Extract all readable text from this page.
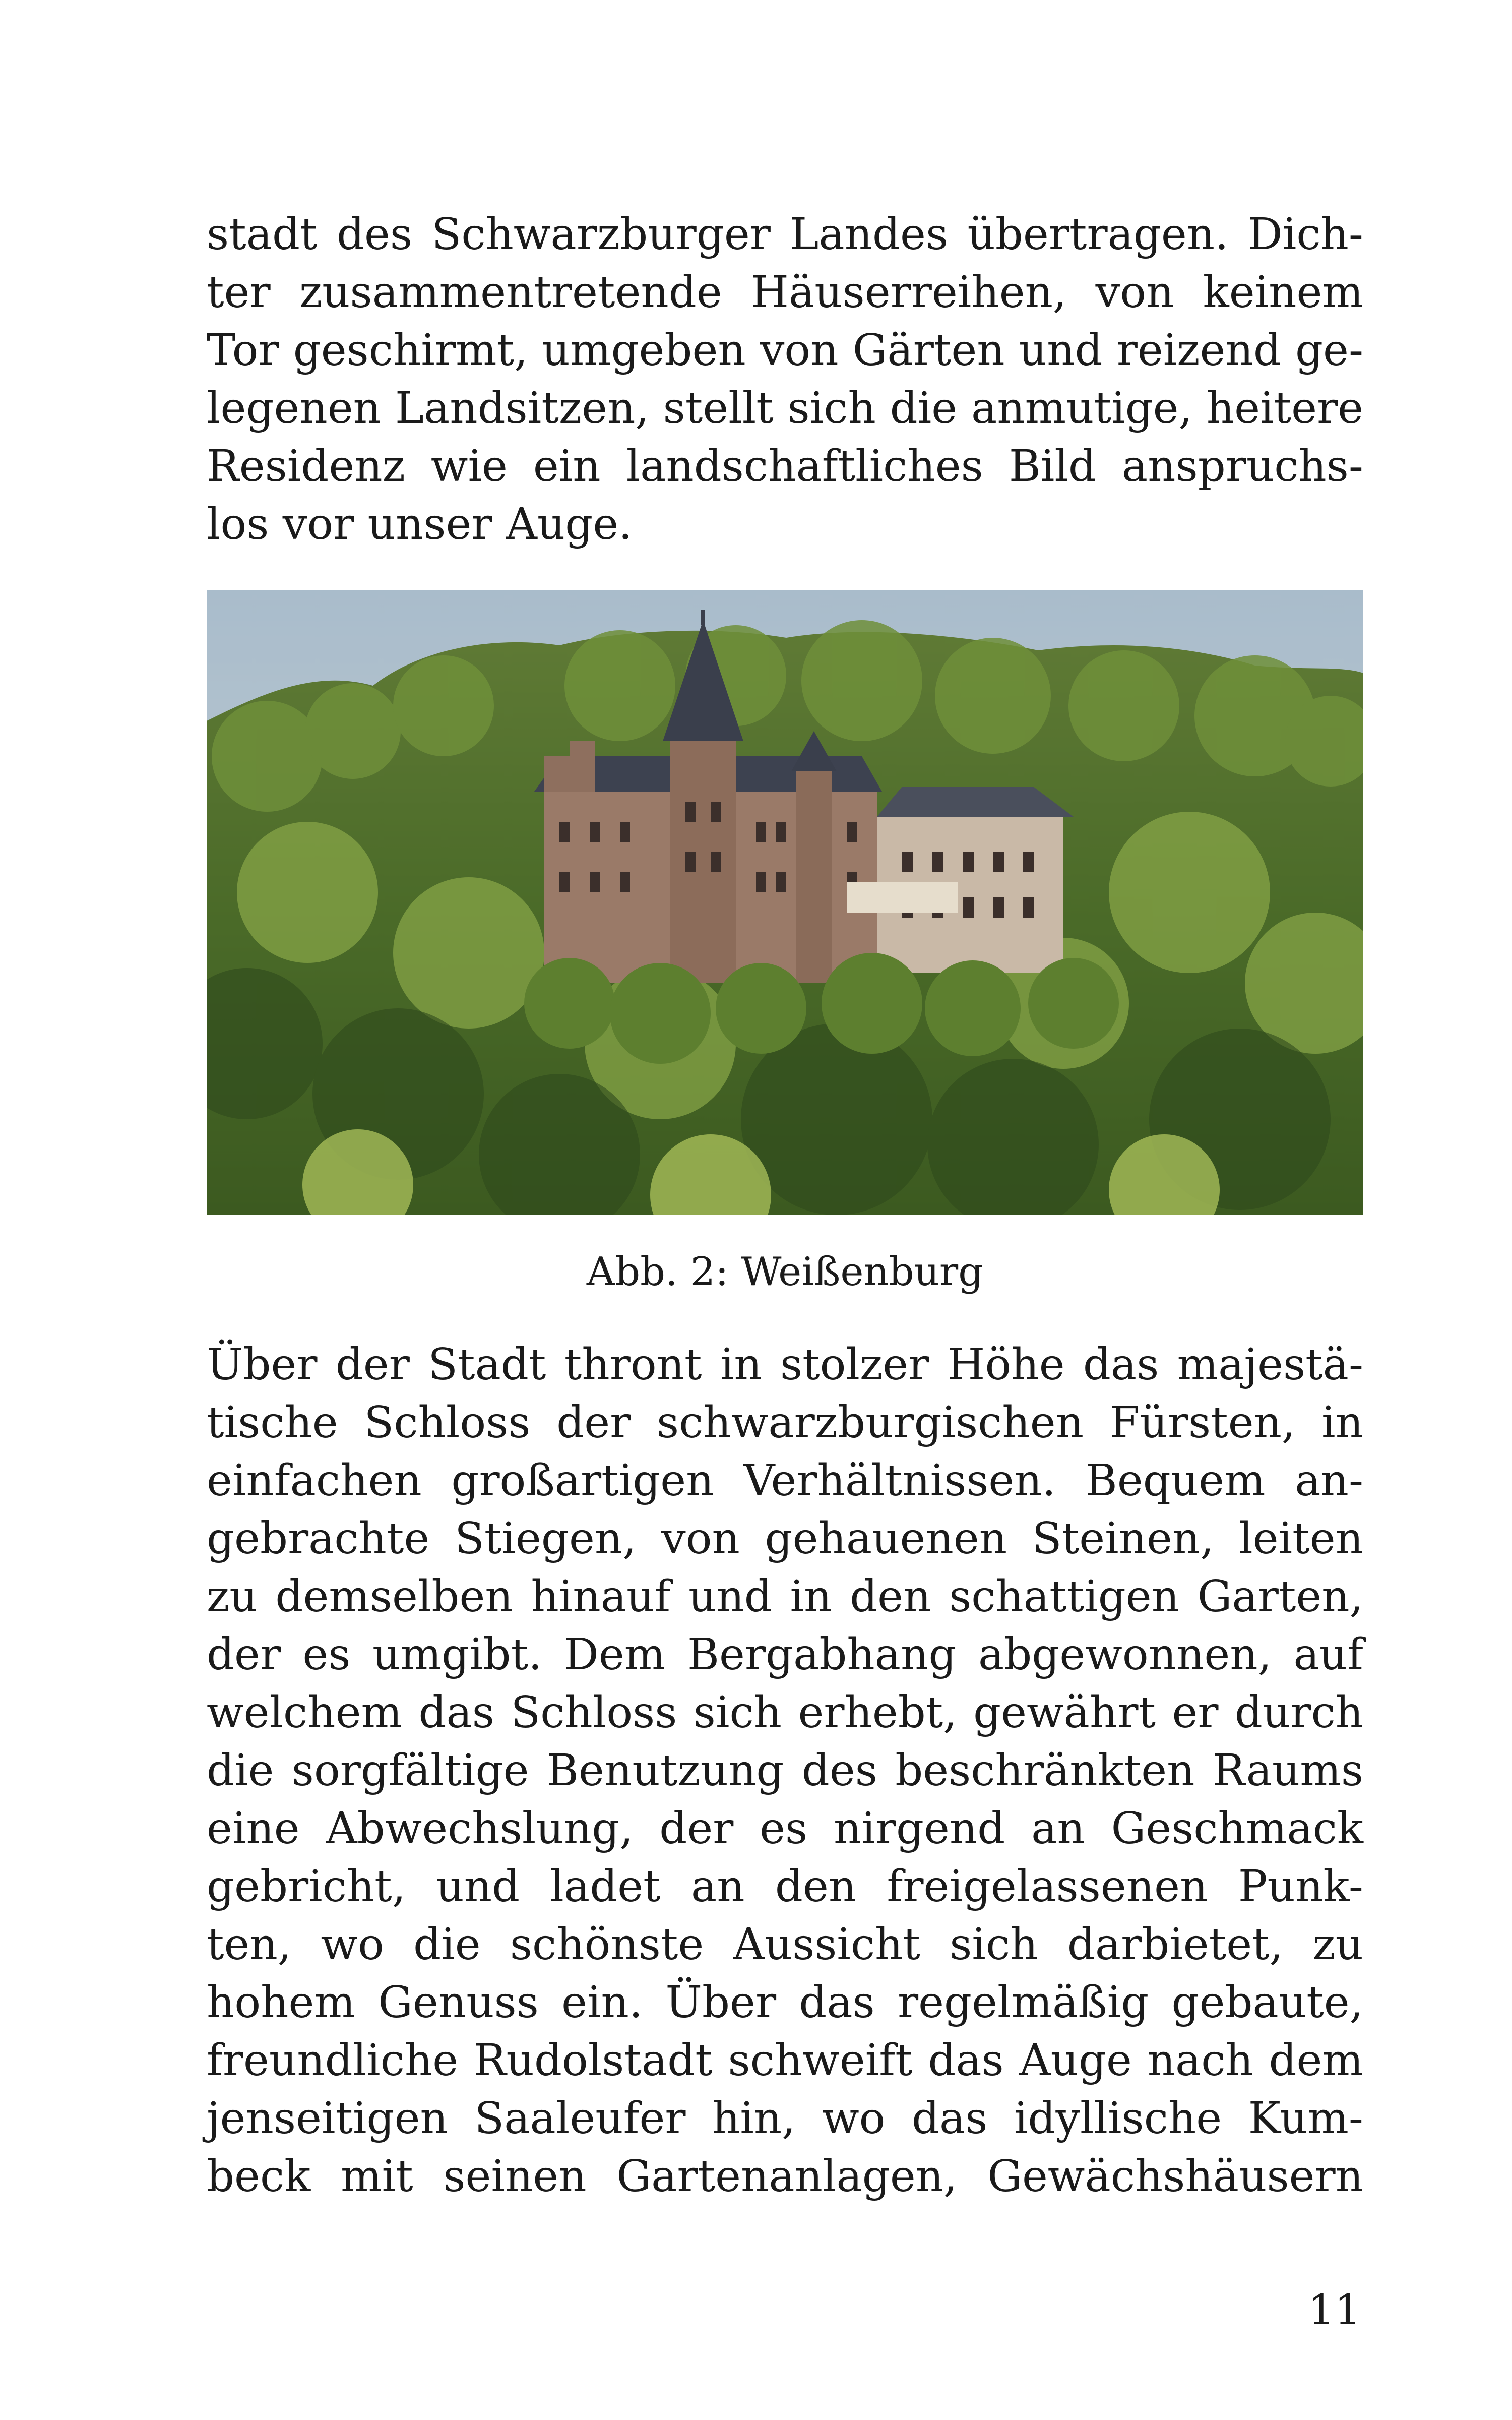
stadt des Schwarzburger Landes übertragen. Dich-
ter zusammentretende Häuserreihen, von keinem
Tor geschirmt, umgeben von Gärten und reizend ge-
legenen Landsitzen, stellt sich die anmutige, heitere
Residenz wie ein landschaftliches Bild anspruchs-
los vor unser Auge.
Abb. 2: Weißenburg
Über der Stadt thront in stolzer Höhe das majestä-
tische Schloss der schwarzburgischen Fürsten, in
einfachen großartigen Verhältnissen. Bequem an-
gebrachte Stiegen, von gehauenen Steinen, leiten
zu demselben hinauf und in den schattigen Garten,
der es umgibt. Dem Bergabhang abgewonnen, auf
welchem das Schloss sich erhebt, gewährt er durch
die sorgfältige Benutzung des beschränkten Raums
eine Abwechslung, der es nirgend an Geschmack
gebricht, und ladet an den freigelassenen Punk-
ten, wo die schönste Aussicht sich darbietet, zu
hohem Genuss ein. Über das regelmäßig gebaute,
freundliche Rudolstadt schweift das Auge nach dem
jenseitigen Saaleufer hin, wo das idyllische Kum-
beck mit seinen Gartenanlagen, Gewächshäusern
11
